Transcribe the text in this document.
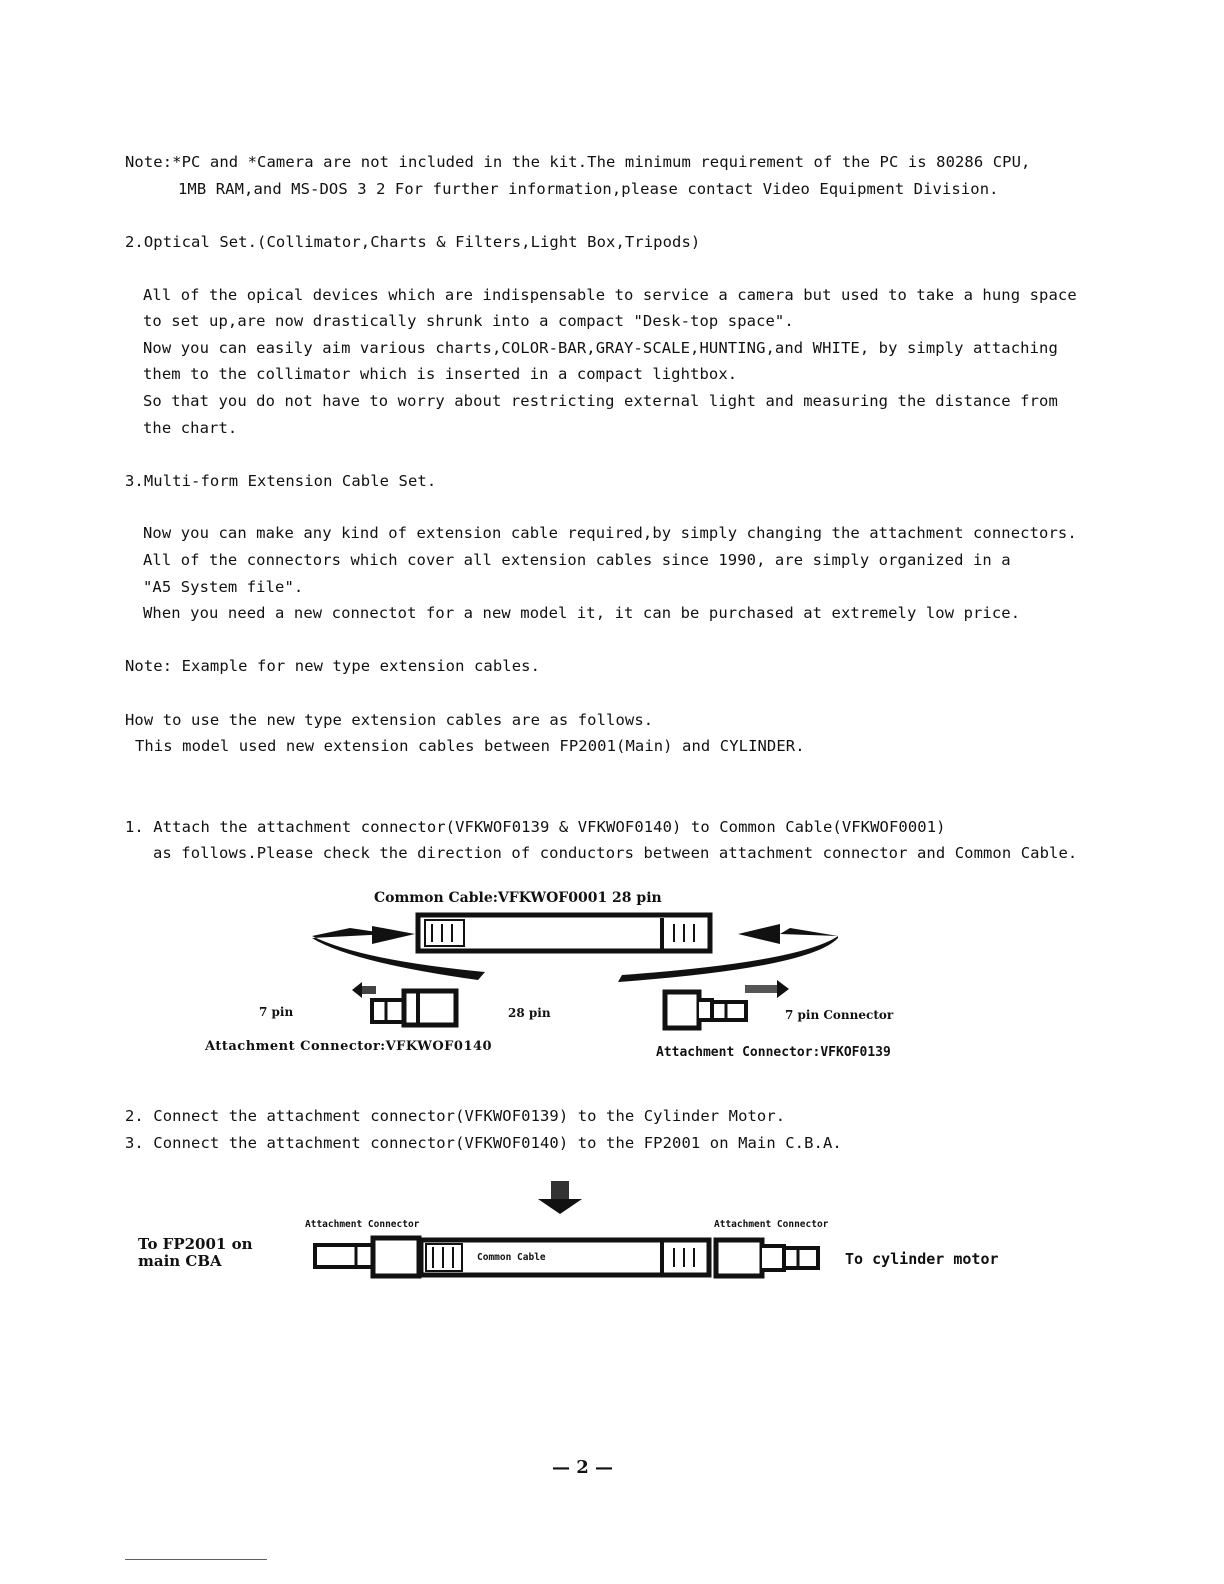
Note:*PC and *Camera are not included in the kit.The minimum requirement of the PC is 80286 CPU,
1MB RAM,and MS-DOS 3 2 For further information,please contact Video Equipment Division.
2.Optical Set.(Collimator,Charts & Filters,Light Box,Tripods)
All of the opical devices which are indispensable to service a camera but used to take a hung space
to set up,are now drastically shrunk into a compact "Desk-top space".
Now you can easily aim various charts,COLOR-BAR,GRAY-SCALE,HUNTING,and WHITE, by simply attaching
them to the collimator which is inserted in a compact lightbox.
So that you do not have to worry about restricting external light and measuring the distance from
the chart.
3.Multi-form Extension Cable Set.
Now you can make any kind of extension cable required,by simply changing the attachment connectors.
All of the connectors which cover all extension cables since 1990, are simply organized in a
"A5 System file".
When you need a new connectot for a new model it, it can be purchased at extremely low price.
Note: Example for new type extension cables.
How to use the new type extension cables are as follows.
This model used new extension cables between FP2001(Main) and CYLINDER.
1. Attach the attachment connector(VFKWOF0139 & VFKWOF0140) to Common Cable(VFKWOF0001)
as follows.Please check the direction of conductors between attachment connector and Common Cable.
Common Cable:VFKWOF0001 28 pin
7 pin	28 pin	7 pin Connector
Attachment Connector:VFKWOF0140	Attachment Connector:VFKOF0139
2. Connect the attachment connector(VFKWOF0139) to the Cylinder Motor.
3. Connect the attachment connector(VFKWOF0140) to the FP2001 on Main C.B.A.
Attachment Connector	Attachment Connector
Common Cable
To FP2001 on
main CBA	To cylinder motor
— 2 —
